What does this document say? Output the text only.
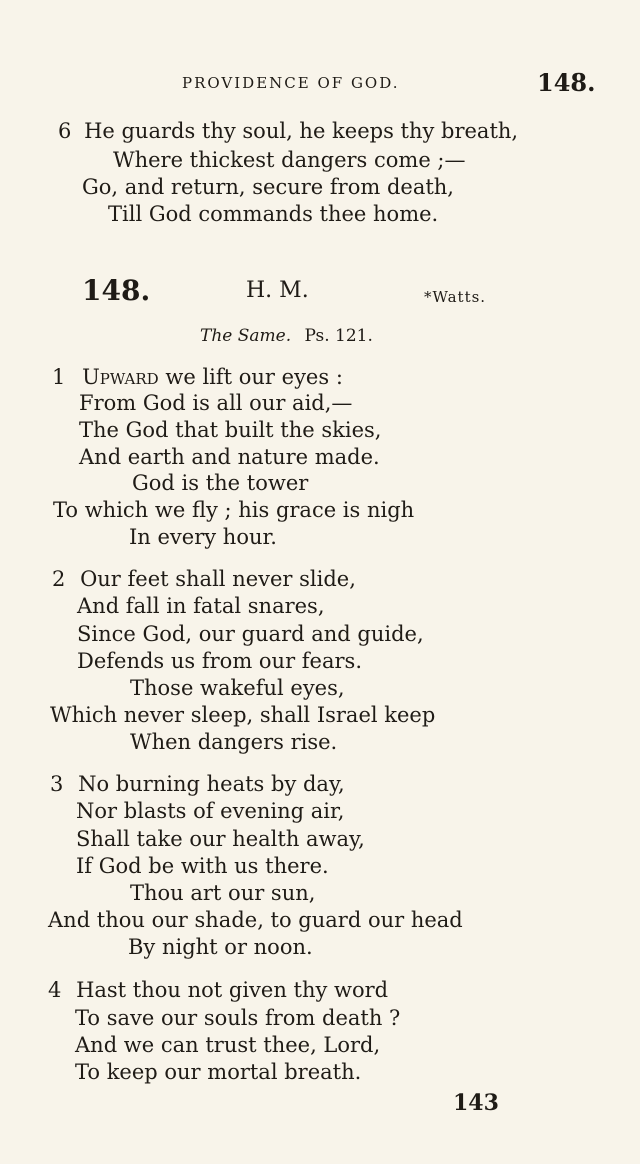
PROVIDENCE OF GOD.	148.
6 He guards thy soul, he keeps thy breath,
Where thickest dangers come ;—
Go, and return, secure from death,
Till God commands thee home.
148.	H. M.	*Watts.
The Same. Ps. 121.
1 Upward we lift our eyes :
From God is all our aid,—
The God that built the skies,
And earth and nature made.
God is the tower
To which we fly ; his grace is nigh
In every hour.
2 Our feet shall never slide,
And fall in fatal snares,
Since God, our guard and guide,
Defends us from our fears.
Those wakeful eyes,
Which never sleep, shall Israel keep
When dangers rise.
3 No burning heats by day,
Nor blasts of evening air,
Shall take our health away,
If God be with us there.
Thou art our sun,
And thou our shade, to guard our head
By night or noon.
4 Hast thou not given thy word
To save our souls from death ?
And we can trust thee, Lord,
To keep our mortal breath.
143
